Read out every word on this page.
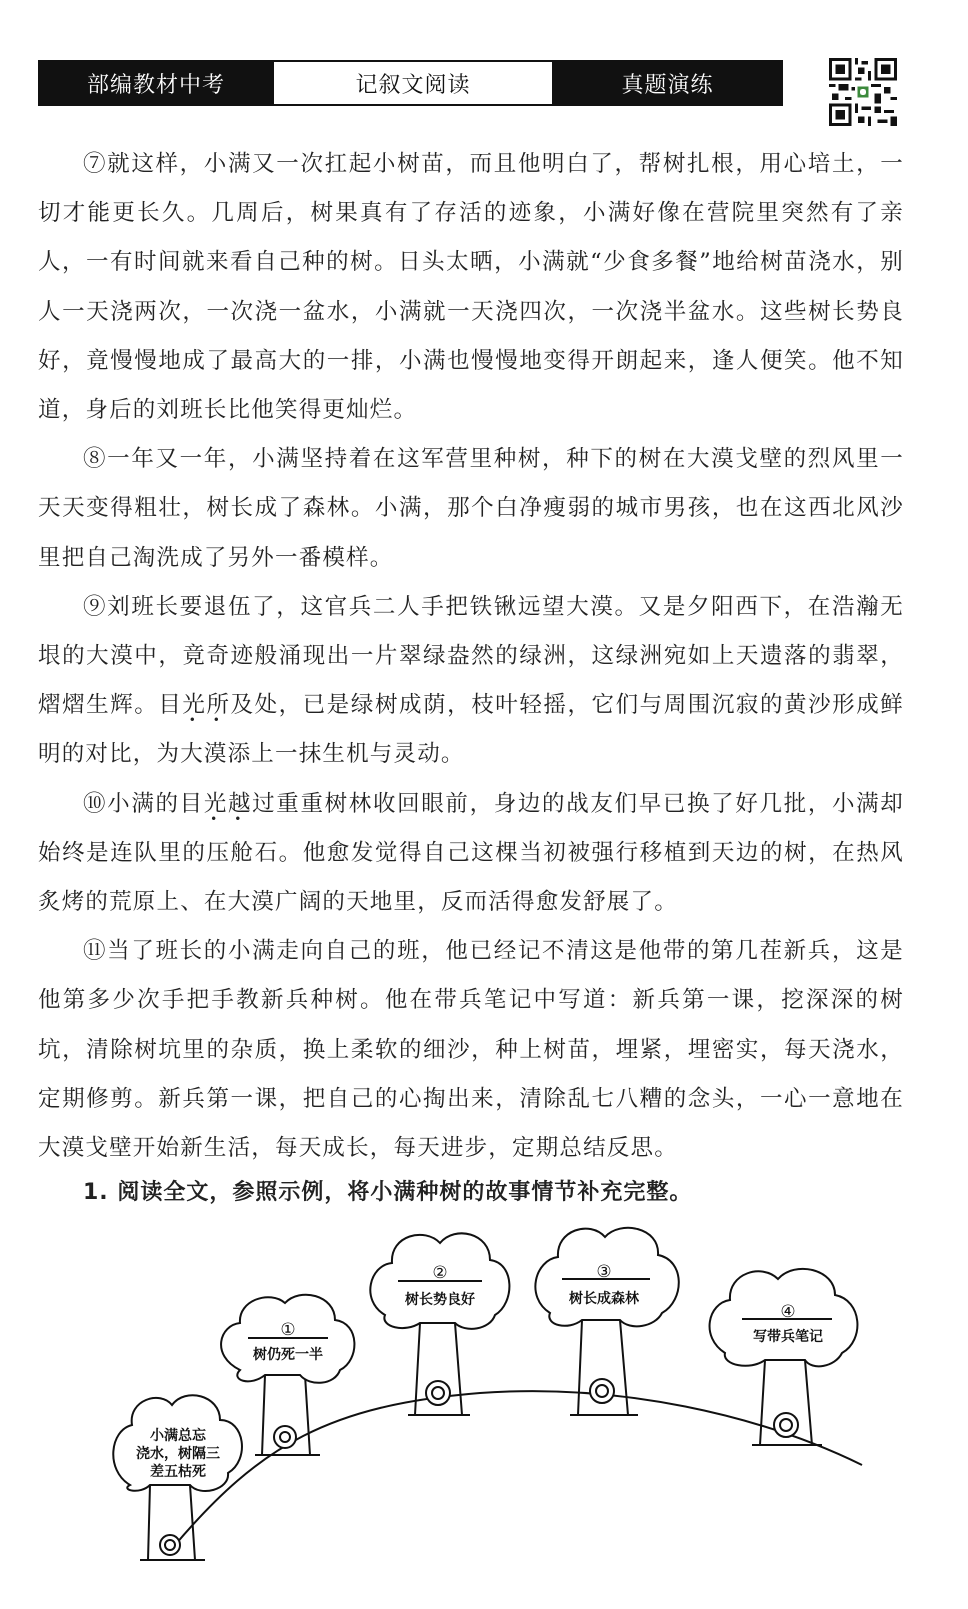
部编教材中考	记叙文阅读	真题演练

⑦就这样，小满又一次扛起小树苗，而且他明白了，帮树扎根，用心培土，一切才能更长久。几周后，树果真有了存活的迹象，小满好像在营院里突然有了亲人，一有时间就来看自己种的树。日头太晒，小满就“少食多餐”地给树苗浇水，别人一天浇两次，一次浇一盆水，小满就一天浇四次，一次浇半盆水。这些树长势良好，竟慢慢地成了最高大的一排，小满也慢慢地变得开朗起来，逢人便笑。他不知道，身后的刘班长比他笑得更灿烂。

⑧一年又一年，小满坚持着在这军营里种树，种下的树在大漠戈壁的烈风里一天天变得粗壮，树长成了森林。小满，那个白净瘦弱的城市男孩，也在这西北风沙里把自己淘洗成了另外一番模样。

⑨刘班长要退伍了，这官兵二人手把铁锹远望大漠。又是夕阳西下，在浩瀚无垠的大漠中，竟奇迹般涌现出一片翠绿盎然的绿洲，这绿洲宛如上天遗落的翡翠，熠熠生辉。目光所及处，已是绿树成荫，枝叶轻摇，它们与周围沉寂的黄沙形成鲜明的对比，为大漠添上一抹生机与灵动。

⑩小满的目光越过重重树林收回眼前，身边的战友们早已换了好几批，小满却始终是连队里的压舱石。他愈发觉得自己这棵当初被强行移植到天边的树，在热风炙烤的荒原上、在大漠广阔的天地里，反而活得愈发舒展了。

⑪当了班长的小满走向自己的班，他已经记不清这是他带的第几茬新兵，这是他第多少次手把手教新兵种树。他在带兵笔记中写道：新兵第一课，挖深深的树坑，清除树坑里的杂质，换上柔软的细沙，种上树苗，埋紧，埋密实，每天浇水，定期修剪。新兵第一课，把自己的心掏出来，清除乱七八糟的念头，一心一意地在大漠戈壁开始新生活，每天成长，每天进步，定期总结反思。

1. 阅读全文，参照示例，将小满种树的故事情节补充完整。
小满总忘
浇水，树隔三
差五枯死
①
树仍死一半
②
树长势良好
③
树长成森林
④
写带兵笔记
